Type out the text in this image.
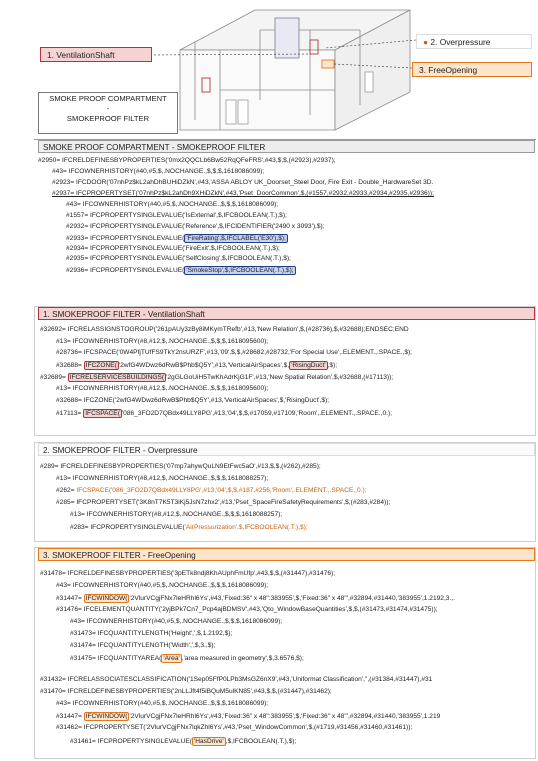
1. VentilationShaft
● 2. Overpressure
3. FreeOpening
SMOKE PROOF COMPARTMENT
-
SMOKEPROOF FILTER
SMOKE PROOF COMPARTMENT - SMOKEPROOF FILTER
#2950= IFCRELDEFINESBYPROPERTIES('0mx2QQCLb6Bw52RqQFeFRS',#43,$,$,(#2923),#2937);
#43= IFCOWNERHISTORY(#40,#5,$,.NOCHANGE.,$,$,$,1618086099);
#2923= IFCDOOR('07nhPz$kL2ahDhBUHiDZkN',#43,'ASSA ABLOY UK_Doorset_Steel Door, Fire Exit - Double_HardwareSet 3D.
#2937= IFCPROPERTYSET('07nhPz$kL2ahDh9XHiDZkN',#43,'Pset_DoorCommon',$,(#1557,#2932,#2933,#2934,#2935,#2936));
#43= IFCOWNERHISTORY(#40,#5,$,.NOCHANGE.,$,$,$,1618086099);
#1557= IFCPROPERTYSINGLEVALUE('IsExternal',$,IFCBOOLEAN(.T.),$);
#2932= IFCPROPERTYSINGLEVALUE('Reference',$,IFCIDENTIFIER('2490 x 3093'),$);
#2933= IFCPROPERTYSINGLEVALUE( 'FireRating',$,IFCLABEL('E30'),$);
#2934= IFCPROPERTYSINGLEVALUE('FireExit',$,IFCBOOLEAN(.T.),$);
#2935= IFCPROPERTYSINGLEVALUE('SelfClosing',$,IFCBOOLEAN(.T.),$);
#2936= IFCPROPERTYSINGLEVALUE( 'SmokeStop',$,IFCBOOLEAN(.T.),$);
1. SMOKEPROOF FILTER - VentilationShaft
#32692= IFCRELASSIGNSTOGROUP('261pAUy3zBy8iMKymTRefb',#13,'New Relation',$,(#28736),$,#32688);ENDSEC;END
#13= IFCOWNERHISTORY(#8,#12,$,.NOCHANGE.,$,$,$,1618095600);
#28736= IFCSPACE('0W4PfjTUfFS9TkY2nsURZF',#13,'09',$,$,#28682,#28732,'For Special Use',.ELEMENT.,.SPACE.,$);
#32688= IFCZONE( '2wfG4WDwz6dRwB$Phb$Q5Y',#13,'VerticalAirSpaces',$, 'RisingDuct' ,$);
#32689= IFCRELSERVICESBUILDINGS( '2gGLGoUiH5TwKhAdrKjG1F',#13,'New Spatial Relation',$,#32688,(#17113));
#13= IFCOWNERHISTORY(#8,#12,$,.NOCHANGE.,$,$,$,1618095600);
#32688= IFCZONE('2wfG4WDwz6dRwB$Phb$Q5Y',#13,'VerticalAirSpaces',$,'RisingDuct',$);
#17113= IFCSPACE( '086_3FO2D7QBdx49LLY8PG',#13,'04',$,$,#17059,#17109,'Room',.ELEMENT.,.SPACE.,0.);
2. SMOKEPROOF FILTER - Overpressure
#289= IFCRELDEFINESBYPROPERTIES('07mp7ahywQuLN9EtFwc5aO',#13,$,$,(#262),#285);
#13= IFCOWNERHISTORY(#8,#12,$,.NOCHANGE.,$,$,$,1618088257);
#262= IFCSPACE('086_3FO2D7QBdx49LLY8PG',#13,'04',$,$,#187,#256,'Room',.ELEMENT.,.SPACE.,0.);
#285= IFCPROPERTYSET('3K8nT7K5T3iKj5JsN7zhx2',#13,'Pset_SpaceFireSafetyRequirements',$,(#283,#284));
#13= IFCOWNERHISTORY(#8,#12,$,.NOCHANGE.,$,$,$,1618088257);
#283= IFCPROPERTYSINGLEVALUE('AirPressurization',$,IFCBOOLEAN(.T.),$);
3. SMOKEPROOF FILTER - FreeOpening
#31478= IFCRELDEFINESBYPROPERTIES('3pETk8ndj8KhAUphFmUfp',#43,$,$,(#31447),#31476);
#43= IFCOWNERHISTORY(#40,#5,$,.NOCHANGE.,$,$,$,1618086099);
#31447= IFCWINDOW( '2VlurVCgjFNx7leHRhl6Ys',#43,'Fixed:36" x 48":383955',$,'Fixed:36" x 48"',#32894,#31440,'383955',1.2192,3.,.
#31476= IFCELEMENTQUANTITY('2yjBPk7Cn7_Pcp4ajBDMSV',#43,'Qto_WindowBaseQuantities',$,$,(#31473,#31474,#31475));
#43= IFCOWNERHISTORY(#40,#5,$,.NOCHANGE.,$,$,$,1618086099);
#31473= IFCQUANTITYLENGTH('Height',',$,1.2192,$);
#31474= IFCQUANTITYLENGTH('Width',',$,3.,$);
#31475= IFCQUANTITYAREA( 'Area' ,'area measured in geometry',$,3.6576,$);
#31432= IFCRELASSOCIATESCLASSIFICATION('1Sep05FfP0LPb3MsGZ6nX9',#43,'Uniformat Classification','',(#31384,#31447),#31
#31470= IFCRELDEFINESBYPROPERTIES('2nLLJft4f5iBQuM5ulKN85',#43,$,$,(#31447),#31462);
#43= IFCOWNERHISTORY(#40,#5,$,.NOCHANGE.,$,$,$,1618086099);
#31447= IFCWINDOW( '2VlurVCgjFNx7leHRhl6Ys',#43,'Fixed:36" x 48":383955',$,'Fixed:36" x 48"',#32894,#31440,'383955',1.219
#31462= IFCPROPERTYSET('2VlurVCgjFNx7lqkZhl6Ys',#43,'Pset_WindowCommon',$,(#1719,#31456,#31460,#31461));
#31461= IFCPROPERTYSINGLEVALUE( 'HasDrive' ,$,IFCBOOLEAN(.T.),$);
